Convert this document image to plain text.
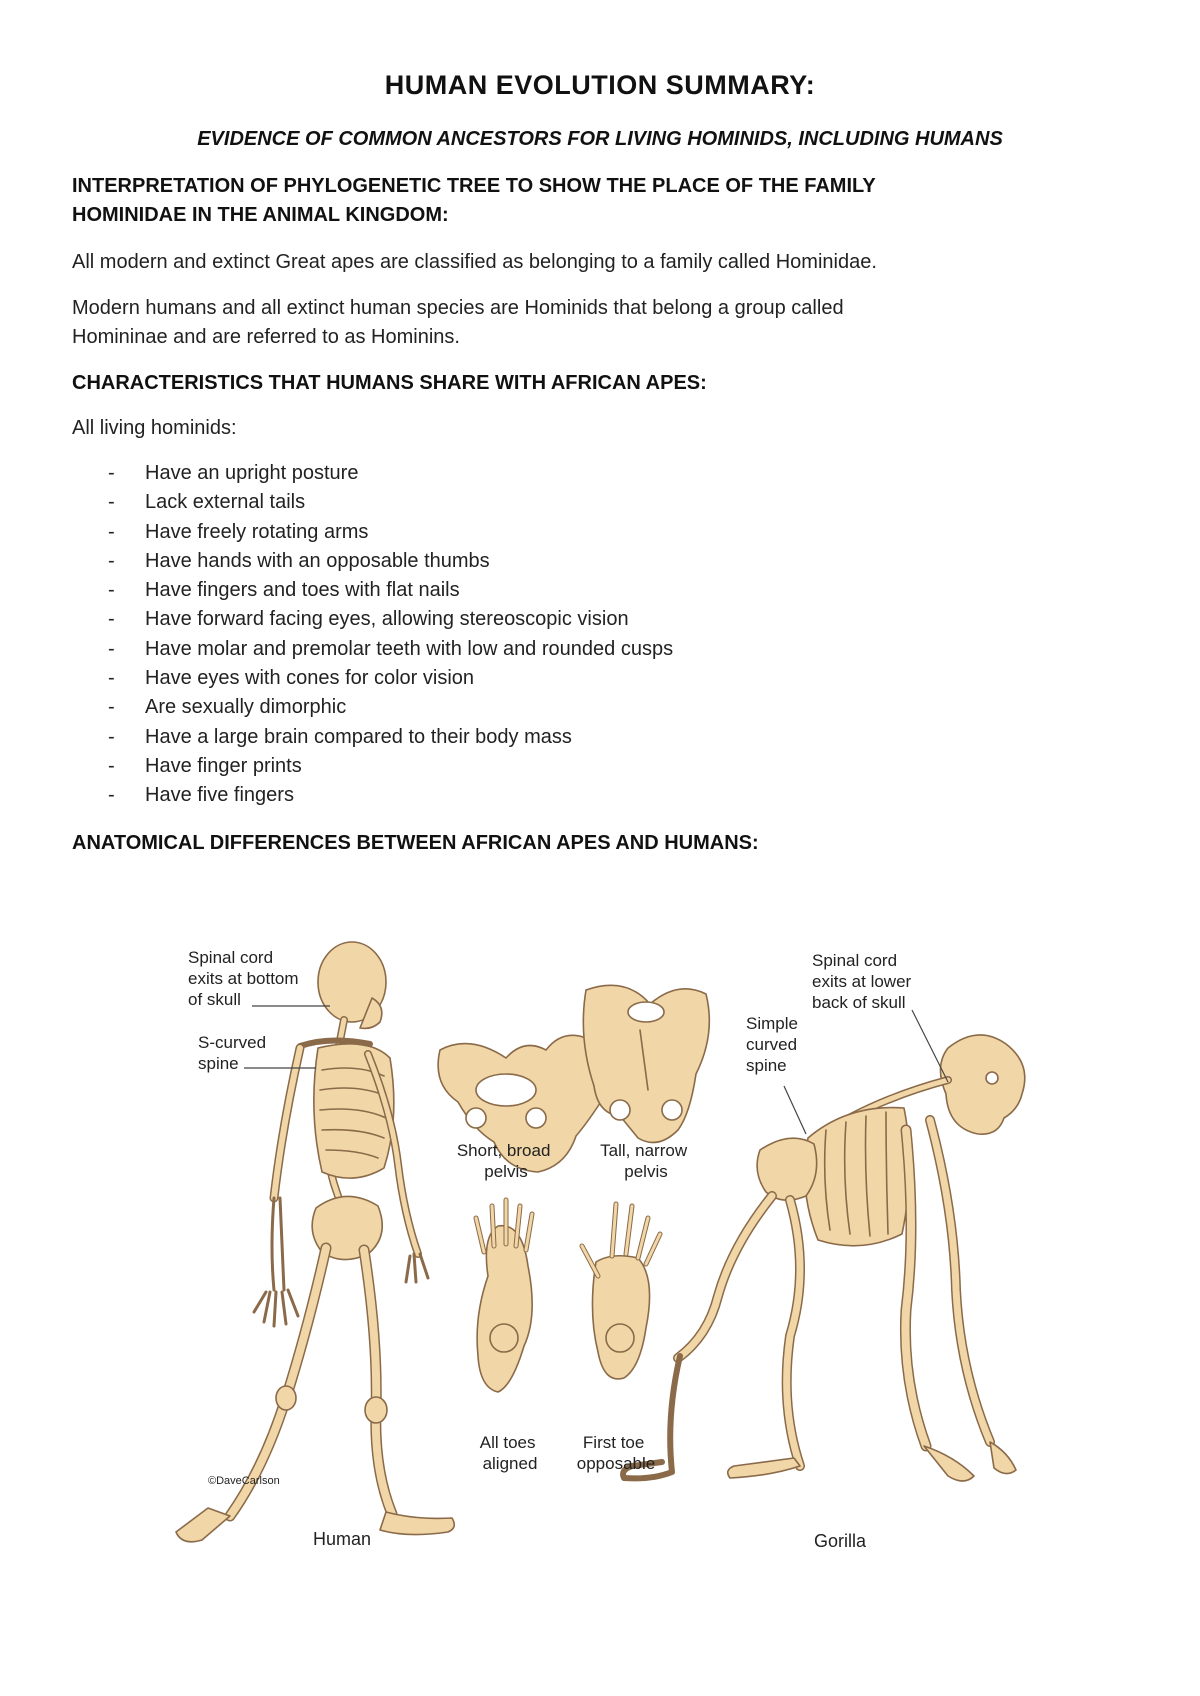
HUMAN EVOLUTION SUMMARY:

EVIDENCE OF COMMON ANCESTORS FOR LIVING HOMINIDS, INCLUDING HUMANS

INTERPRETATION OF PHYLOGENETIC TREE TO SHOW THE PLACE OF THE FAMILY
HOMINIDAE IN THE ANIMAL KINGDOM:

All modern and extinct Great apes are classified as belonging to a family called Hominidae.

Modern humans and all extinct human species are Hominids that belong a group called
Homininae and are referred to as Hominins.

CHARACTERISTICS THAT HUMANS SHARE WITH AFRICAN APES:

All living hominids:

- Have an upright posture
- Lack external tails
- Have freely rotating arms
- Have hands with an opposable thumbs
- Have fingers and toes with flat nails
- Have forward facing eyes, allowing stereoscopic vision
- Have molar and premolar teeth with low and rounded cusps
- Have eyes with cones for color vision
- Are sexually dimorphic
- Have a large brain compared to their body mass
- Have finger prints
- Have five fingers

ANATOMICAL DIFFERENCES BETWEEN AFRICAN APES AND HUMANS:

Spinal cord exits at bottom of skull
S-curved spine
Short, broad pelvis
Tall, narrow pelvis
Spinal cord exits at lower back of skull
Simple curved spine
All toes aligned
First toe opposable
©DaveCarlson
Human	Gorilla
